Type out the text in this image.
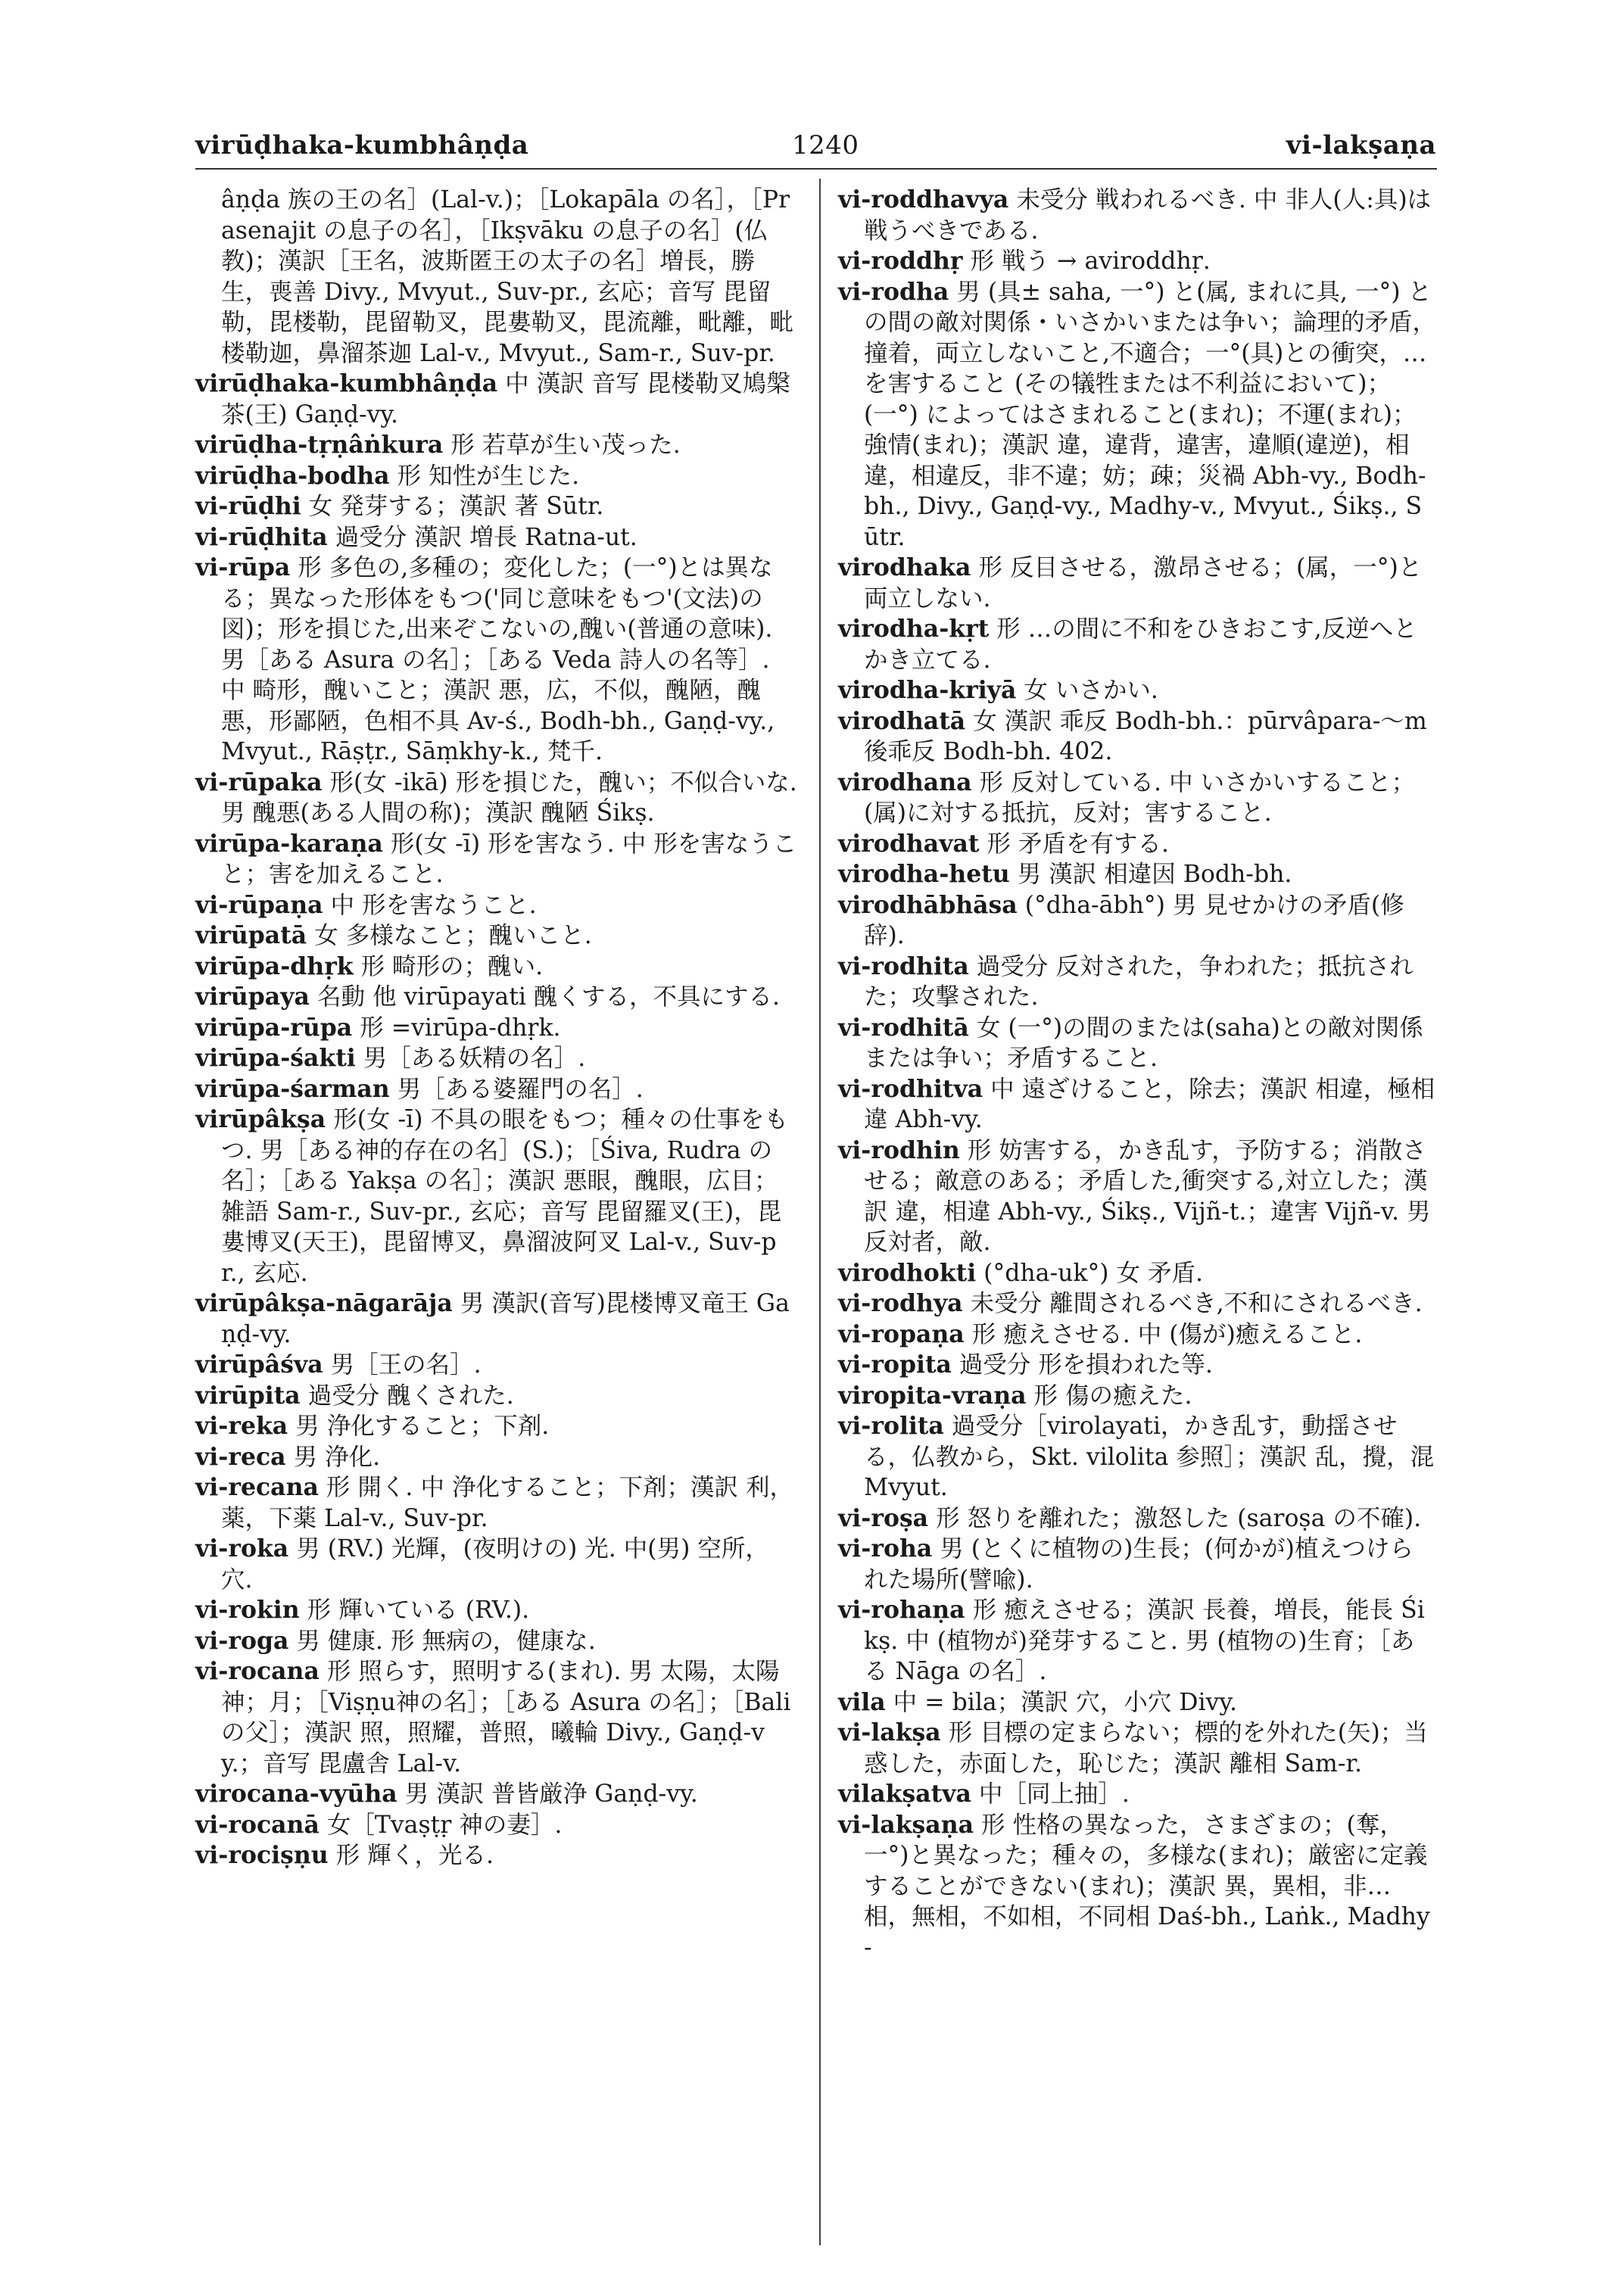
virūḍhaka-kumbhâṇḍa	1240	vi-lakṣaṇa

âṇḍa 族の王の名］(Lal-v.)；［Lokapāla の名］，［Prasenajit の息子の名］，［Ikṣvāku の息子の名］(仏教)；漢訳［王名，波斯匿王の太子の名］増長，勝生，喪善 Divy., Mvyut., Suv-pr., 玄応；音写 毘留勒，毘楼勒，毘留勒叉，毘婁勒叉，毘流離，毗離，毗楼勒迦，鼻溜茶迦 Lal-v., Mvyut., Sam-r., Suv-pr.

virūḍhaka-kumbhâṇḍa 中 漢訳 音写 毘楼勒叉鳩槃茶(王) Gaṇḍ-vy.

virūḍha-tṛṇâṅkura 形 若草が生い茂った.

virūḍha-bodha 形 知性が生じた.

vi-rūḍhi 女 発芽する；漢訳 著 Sūtr.

vi-rūḍhita 過受分 漢訳 増長 Ratna-ut.

vi-rūpa 形 多色の,多種の；変化した；(一°)とは異なる；異なった形体をもつ('同じ意味をもつ'(文法)の図)；形を損じた,出来ぞこないの,醜い(普通の意味). 男［ある Asura の名］；［ある Veda 詩人の名等］. 中 畸形，醜いこと；漢訳 悪，広，不似，醜陋，醜悪，形鄙陋，色相不具 Av-ś., Bodh-bh., Gaṇḍ-vy., Mvyut., Rāṣṭr., Sāṃkhy-k., 梵千.

vi-rūpaka 形(女 -ikā) 形を損じた，醜い；不似合いな. 男 醜悪(ある人間の称)；漢訳 醜陋 Śikṣ.

virūpa-karaṇa 形(女 -ī) 形を害なう. 中 形を害なうこと；害を加えること.

vi-rūpaṇa 中 形を害なうこと.

virūpatā 女 多様なこと；醜いこと.

virūpa-dhṛk 形 畸形の；醜い.

virūpaya 名動 他 virūpayati 醜くする，不具にする.

virūpa-rūpa 形 =virūpa-dhṛk.

virūpa-śakti 男［ある妖精の名］.

virūpa-śarman 男［ある婆羅門の名］.

virūpâkṣa 形(女 -ī) 不具の眼をもつ；種々の仕事をもつ. 男［ある神的存在の名］(S.)；［Śiva, Rudra の名］；［ある Yakṣa の名］；漢訳 悪眼，醜眼，広目；雑語 Sam-r., Suv-pr., 玄応；音写 毘留羅叉(王)，毘婁博叉(天王)，毘留博叉，鼻溜波阿叉 Lal-v., Suv-pr., 玄応.

virūpâkṣa-nāgarāja 男 漢訳(音写)毘楼博叉竜王 Gaṇḍ-vy.

virūpâśva 男［王の名］.

virūpita 過受分 醜くされた.

vi-reka 男 浄化すること；下剤.

vi-reca 男 浄化.

vi-recana 形 開く. 中 浄化すること；下剤；漢訳 利，薬，下薬 Lal-v., Suv-pr.

vi-roka 男 (RV.) 光輝，(夜明けの) 光. 中(男) 空所，穴.

vi-rokin 形 輝いている (RV.).

vi-roga 男 健康. 形 無病の，健康な.

vi-rocana 形 照らす，照明する(まれ). 男 太陽，太陽神；月；［Viṣṇu神の名］；［ある Asura の名］；［Bali の父］；漢訳 照，照耀，普照，曦輪 Divy., Gaṇḍ-vy.；音写 毘盧舎 Lal-v.

virocana-vyūha 男 漢訳 普皆厳浄 Gaṇḍ-vy.

vi-rocanā 女［Tvaṣṭṛ 神の妻］.

vi-rociṣṇu 形 輝く，光る.

vi-roddhavya 未受分 戦われるべき. 中 非人(人:具)は戦うべきである.

vi-roddhṛ 形 戦う → aviroddhṛ.

vi-rodha 男 (具± saha, 一°) と(属, まれに具, 一°) との間の敵対関係・いさかいまたは争い；論理的矛盾，撞着，両立しないこと,不適合；一°(具)との衝突，…を害すること (その犠牲または不利益において)；(一°) によってはさまれること(まれ)；不運(まれ)；強情(まれ)；漢訳 違，違背，違害，違順(違逆)，相違，相違反，非不違；妨；疎；災禍 Abh-vy., Bodh-bh., Divy., Gaṇḍ-vy., Madhy-v., Mvyut., Śikṣ., Sūtr.

virodhaka 形 反目させる，激昂させる；(属，一°)と両立しない.

virodha-kṛt 形 …の間に不和をひきおこす,反逆へとかき立てる.

virodha-kriyā 女 いさかい.

virodhatā 女 漢訳 乖反 Bodh-bh.：pūrvâpara-～m 後乖反 Bodh-bh. 402.

virodhana 形 反対している. 中 いさかいすること；(属)に対する抵抗，反対；害すること.

virodhavat 形 矛盾を有する.

virodha-hetu 男 漢訳 相違因 Bodh-bh.

virodhābhāsa (°dha-ābh°) 男 見せかけの矛盾(修辞).

vi-rodhita 過受分 反対された，争われた；抵抗された；攻撃された.

vi-rodhitā 女 (一°)の間のまたは(saha)との敵対関係または争い；矛盾すること.

vi-rodhitva 中 遠ざけること，除去；漢訳 相違，極相違 Abh-vy.

vi-rodhin 形 妨害する，かき乱す，予防する；消散させる；敵意のある；矛盾した,衝突する,対立した；漢訳 違，相違 Abh-vy., Śikṣ., Vijñ-t.；違害 Vijñ-v. 男 反対者，敵.

virodhokti (°dha-uk°) 女 矛盾.

vi-rodhya 未受分 離間されるべき,不和にされるべき.

vi-ropaṇa 形 癒えさせる. 中 (傷が)癒えること.

vi-ropita 過受分 形を損われた等.

viropita-vraṇa 形 傷の癒えた.

vi-rolita 過受分［virolayati，かき乱す，動揺させる，仏教から，Skt. vilolita 参照］；漢訳 乱，攪，混 Mvyut.

vi-roṣa 形 怒りを離れた；激怒した (saroṣa の不確).

vi-roha 男 (とくに植物の)生長；(何かが)植えつけられた場所(譬喩).

vi-rohaṇa 形 癒えさせる；漢訳 長養，増長，能長 Śikṣ. 中 (植物が)発芽すること. 男 (植物の)生育；［ある Nāga の名］.

vila 中 = bila；漢訳 穴，小穴 Divy.

vi-lakṣa 形 目標の定まらない；標的を外れた(矢)；当惑した，赤面した，恥じた；漢訳 離相 Sam-r.

vilakṣatva 中［同上抽］.

vi-lakṣaṇa 形 性格の異なった，さまざまの；(奪，一°)と異なった；種々の，多様な(まれ)；厳密に定義することができない(まれ)；漢訳 異，異相，非…相，無相，不如相，不同相 Daś-bh., Laṅk., Madhy-
